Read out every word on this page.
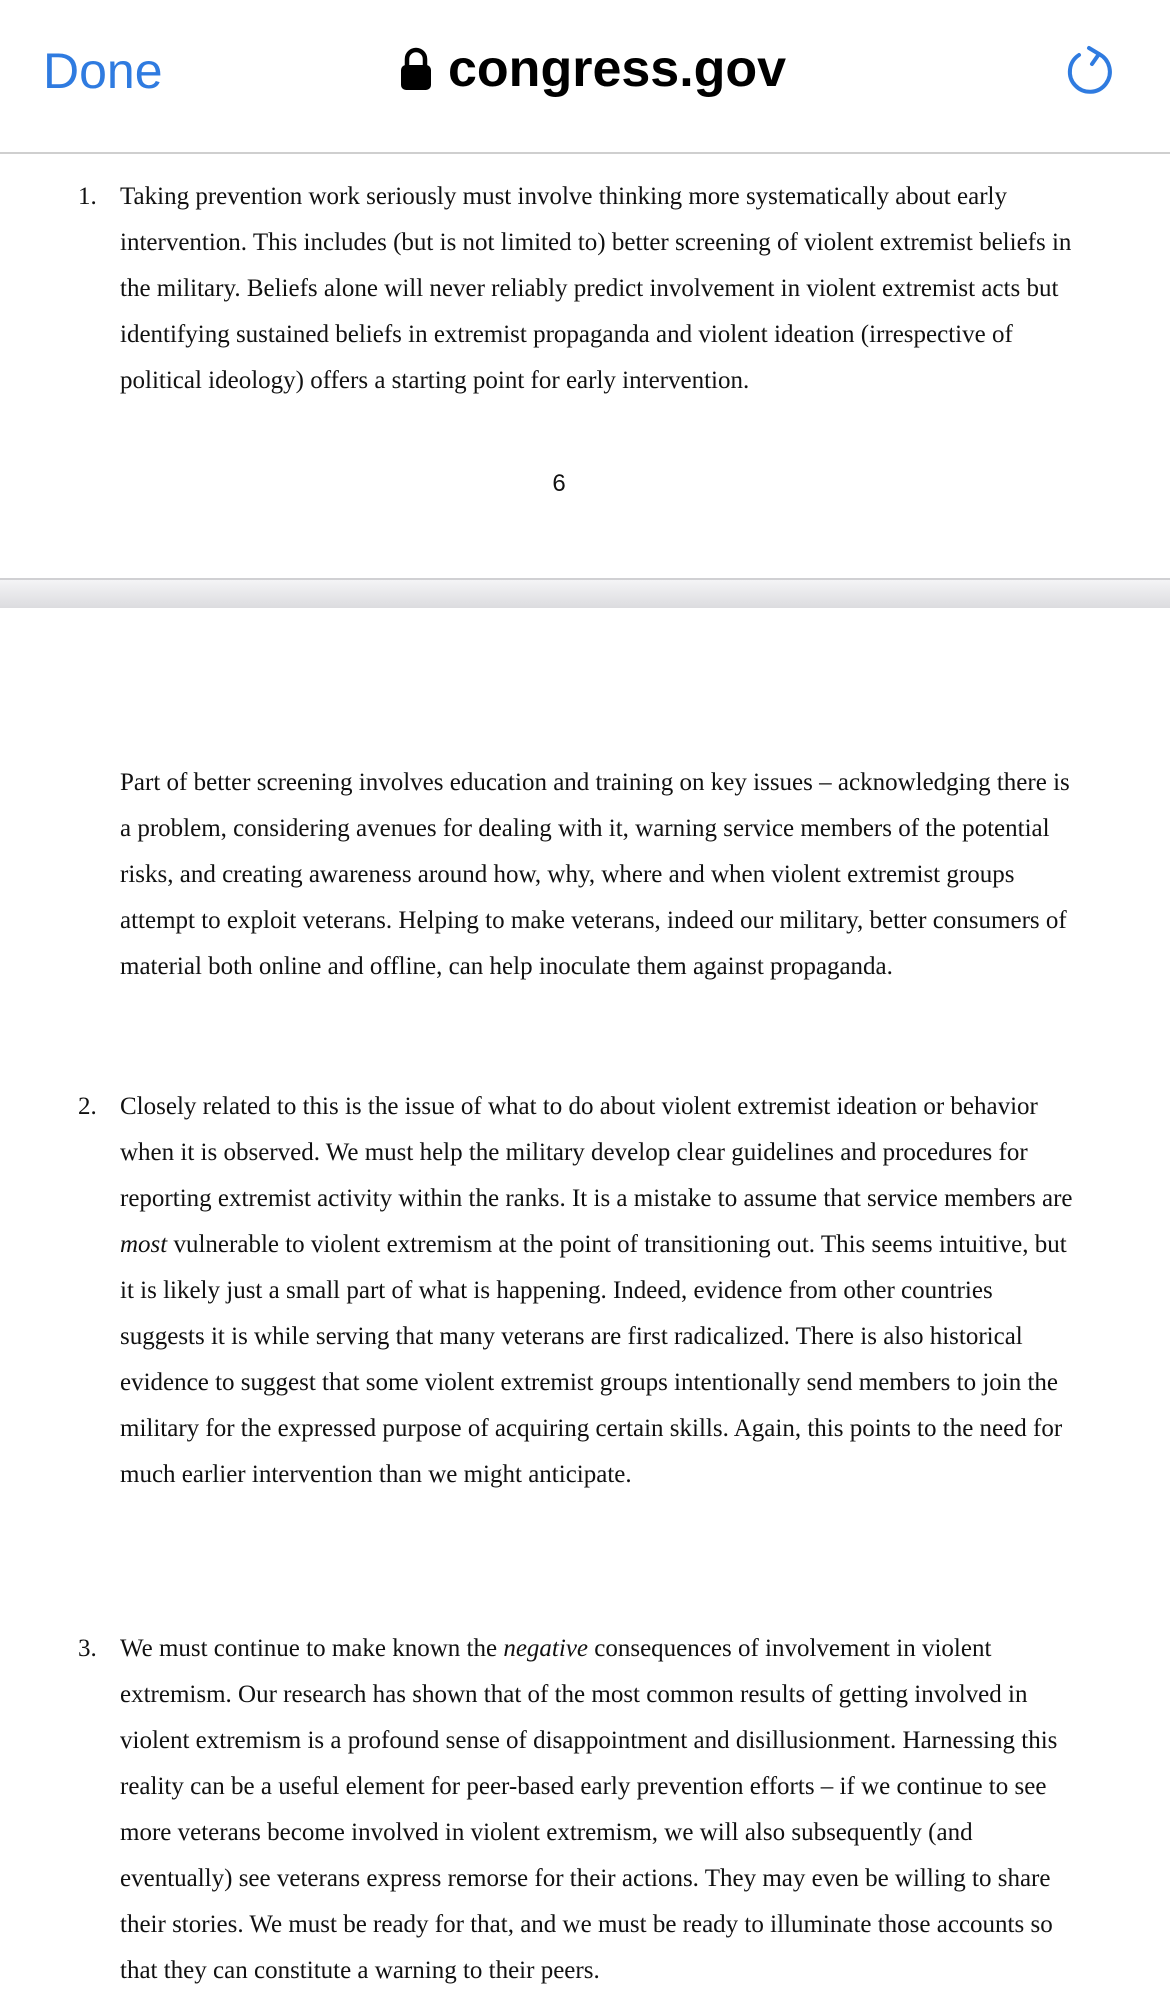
Done	congress.gov
1. Taking prevention work seriously must involve thinking more systematically about early intervention. This includes (but is not limited to) better screening of violent extremist beliefs in the military. Beliefs alone will never reliably predict involvement in violent extremist acts but identifying sustained beliefs in extremist propaganda and violent ideation (irrespective of political ideology) offers a starting point for early intervention.

6

Part of better screening involves education and training on key issues – acknowledging there is a problem, considering avenues for dealing with it, warning service members of the potential risks, and creating awareness around how, why, where and when violent extremist groups attempt to exploit veterans. Helping to make veterans, indeed our military, better consumers of material both online and offline, can help inoculate them against propaganda.

2. Closely related to this is the issue of what to do about violent extremist ideation or behavior when it is observed. We must help the military develop clear guidelines and procedures for reporting extremist activity within the ranks. It is a mistake to assume that service members are most vulnerable to violent extremism at the point of transitioning out. This seems intuitive, but it is likely just a small part of what is happening. Indeed, evidence from other countries suggests it is while serving that many veterans are first radicalized. There is also historical evidence to suggest that some violent extremist groups intentionally send members to join the military for the expressed purpose of acquiring certain skills. Again, this points to the need for much earlier intervention than we might anticipate.

3. We must continue to make known the negative consequences of involvement in violent extremism. Our research has shown that of the most common results of getting involved in violent extremism is a profound sense of disappointment and disillusionment. Harnessing this reality can be a useful element for peer-based early prevention efforts – if we continue to see more veterans become involved in violent extremism, we will also subsequently (and eventually) see veterans express remorse for their actions. They may even be willing to share their stories. We must be ready for that, and we must be ready to illuminate those accounts so that they can constitute a warning to their peers.
